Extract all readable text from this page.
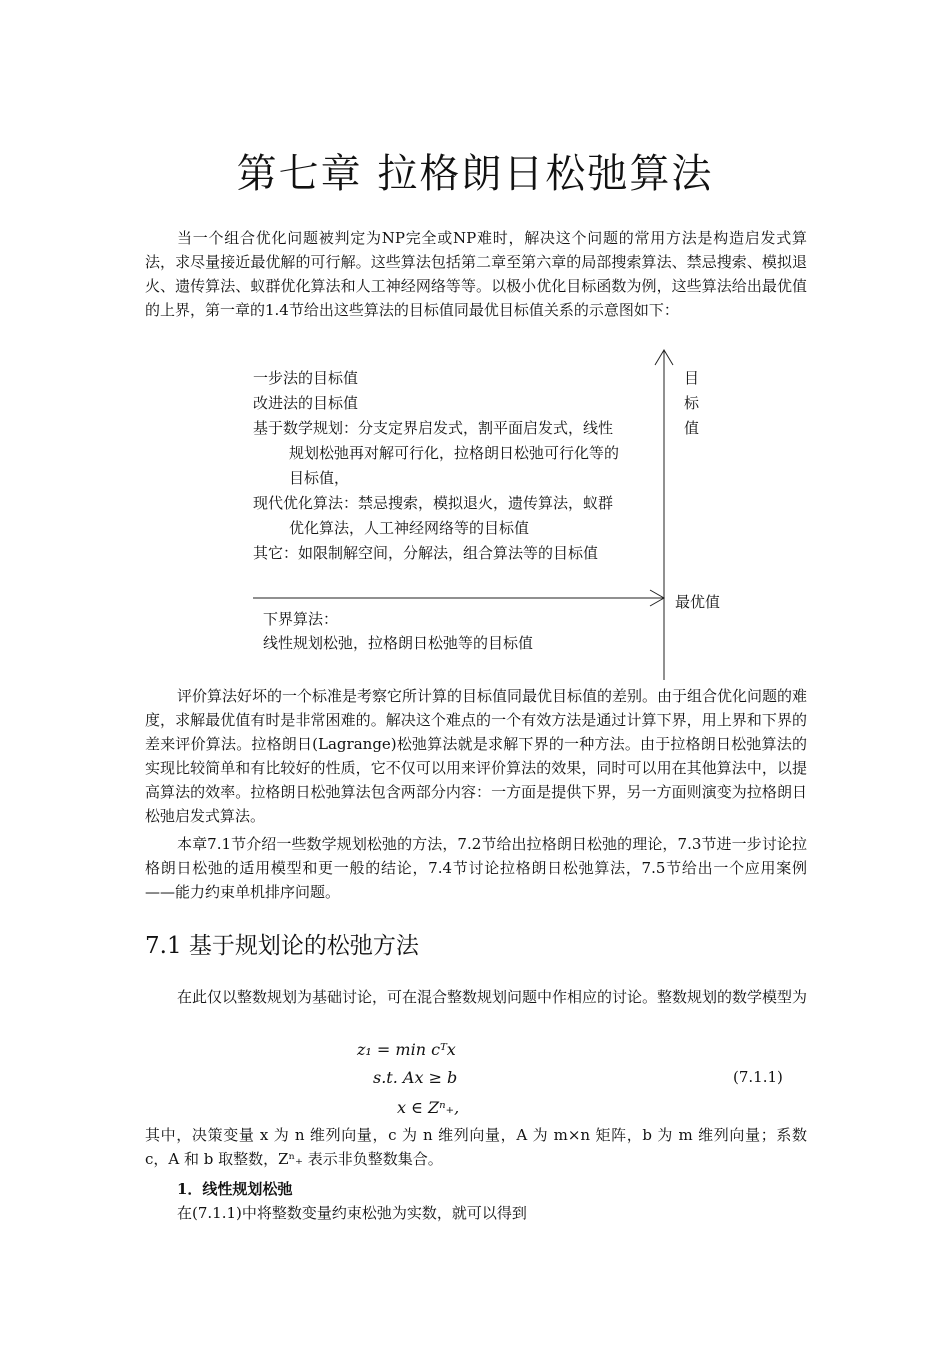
第七章 拉格朗日松弛算法

当一个组合优化问题被判定为NP完全或NP难时，解决这个问题的常用方法是构造启发式算法，求尽量接近最优解的可行解。这些算法包括第二章至第六章的局部搜索算法、禁忌搜索、模拟退火、遗传算法、蚁群优化算法和人工神经网络等等。以极小优化目标函数为例，这些算法给出最优值的上界，第一章的1.4节给出这些算法的目标值同最优目标值关系的示意图如下：

一步法的目标值
改进法的目标值
基于数学规划：分支定界启发式，割平面启发式，线性
规划松弛再对解可行化，拉格朗日松弛可行化等的
目标值，
现代优化算法：禁忌搜索，模拟退火，遗传算法，蚁群
优化算法，人工神经网络等的目标值
其它：如限制解空间，分解法，组合算法等的目标值
目
标
值
最优值
下界算法：
线性规划松弛，拉格朗日松弛等的目标值

评价算法好坏的一个标准是考察它所计算的目标值同最优目标值的差别。由于组合优化问题的难度，求解最优值有时是非常困难的。解决这个难点的一个有效方法是通过计算下界，用上界和下界的差来评价算法。拉格朗日(Lagrange)松弛算法就是求解下界的一种方法。由于拉格朗日松弛算法的实现比较简单和有比较好的性质，它不仅可以用来评价算法的效果，同时可以用在其他算法中，以提高算法的效率。拉格朗日松弛算法包含两部分内容：一方面是提供下界，另一方面则演变为拉格朗日松弛启发式算法。

本章7.1节介绍一些数学规划松弛的方法，7.2节给出拉格朗日松弛的理论，7.3节进一步讨论拉格朗日松弛的适用模型和更一般的结论，7.4节讨论拉格朗日松弛算法，7.5节给出一个应用案例——能力约束单机排序问题。

7.1 基于规划论的松弛方法

在此仅以整数规划为基础讨论，可在混合整数规划问题中作相应的讨论。整数规划的数学模型为

z₁ = min cᵀx
s.t. Ax ≥ b
x ∈ Zⁿ₊,
(7.1.1)

其中，决策变量 x 为 n 维列向量，c 为 n 维列向量，A 为 m×n 矩阵，b 为 m 维列向量；系数 c，A 和 b 取整数，Zⁿ₊ 表示非负整数集合。

1．线性规划松弛
在(7.1.1)中将整数变量约束松弛为实数，就可以得到
